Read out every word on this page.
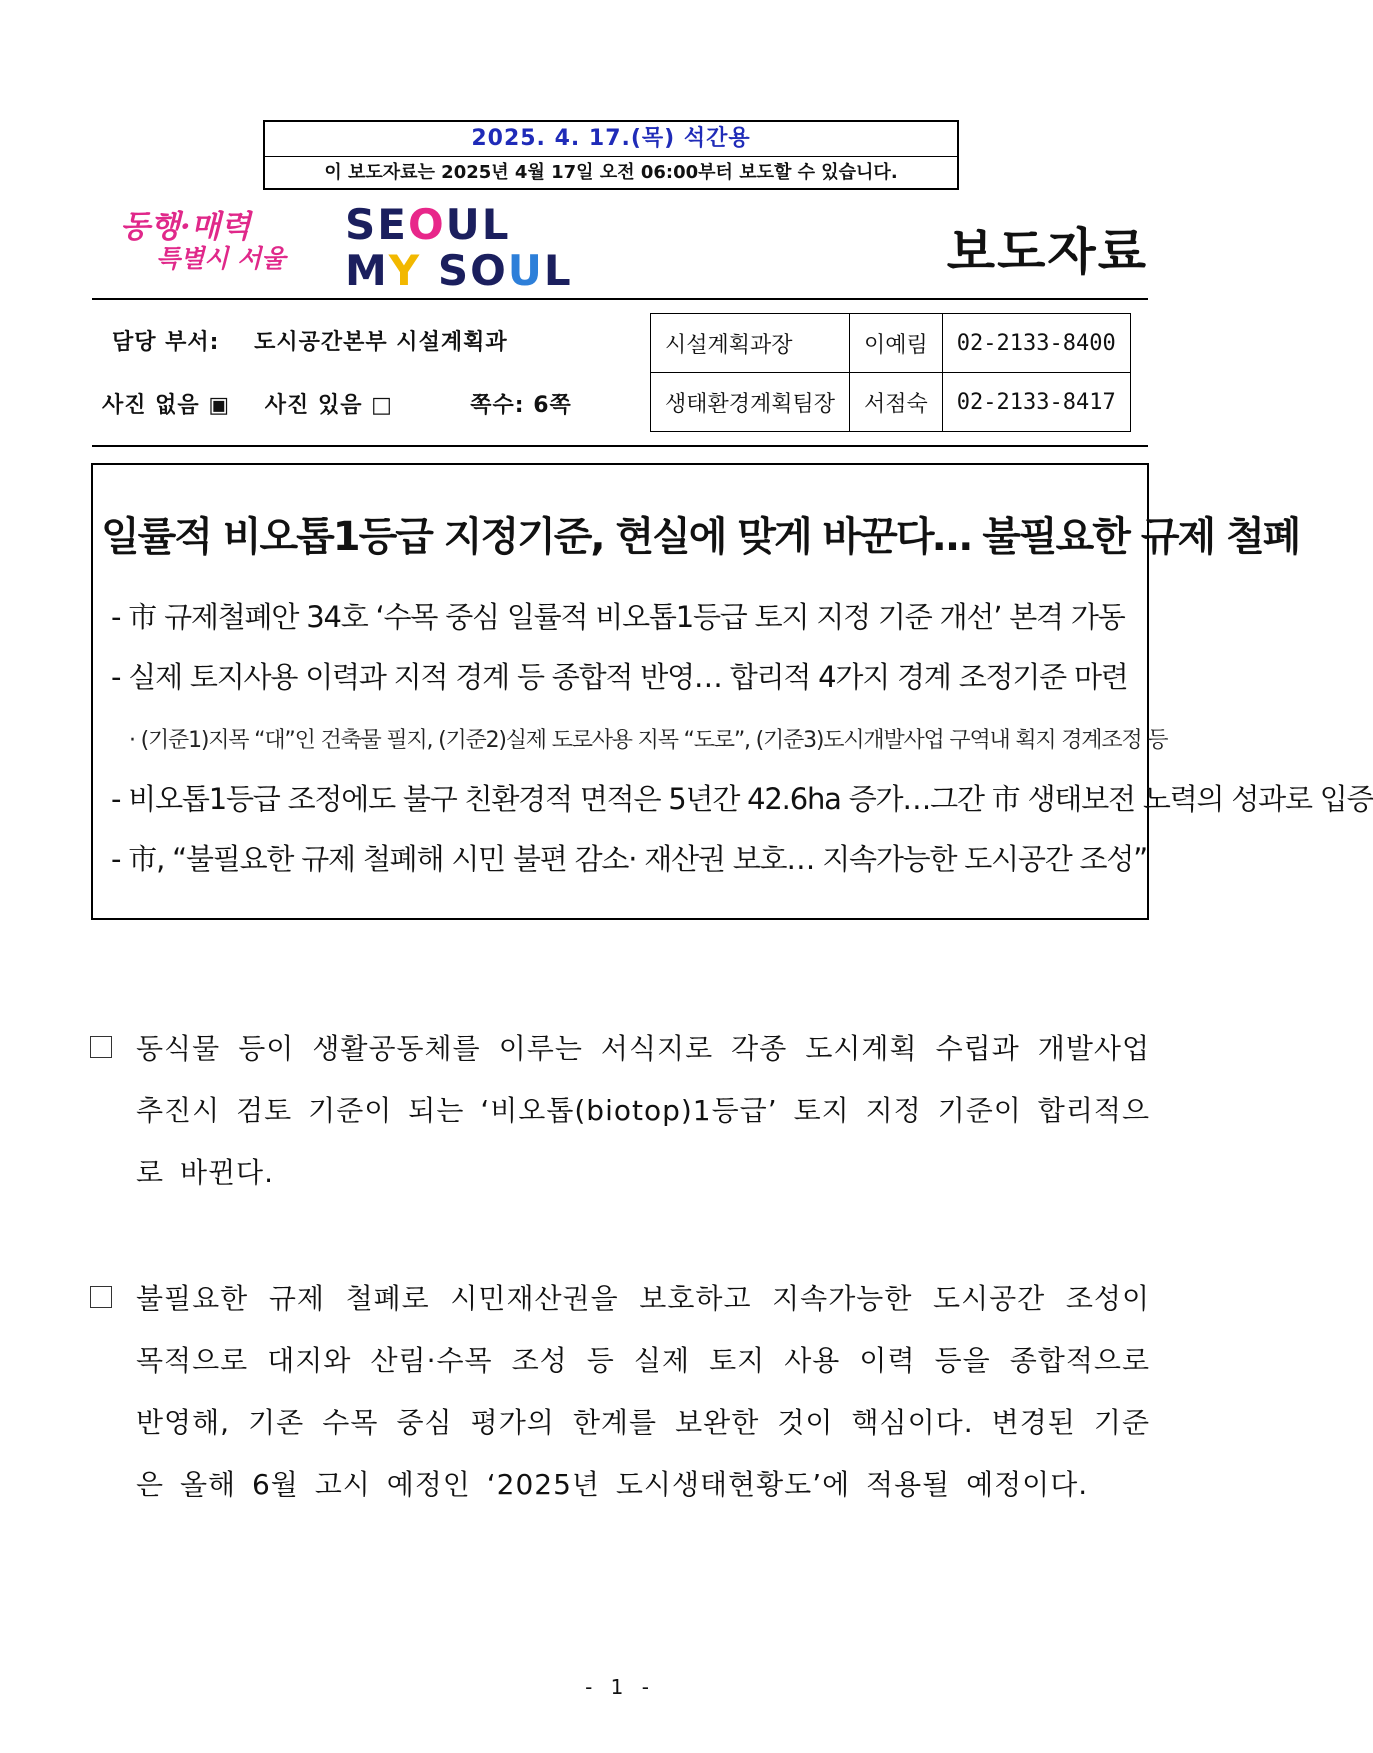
2025. 4. 17.(목) 석간용
이 보도자료는 2025년 4월 17일 오전 06:00부터 보도할 수 있습니다.
동행·매력
특별시 서울
SEOUL
MY SOUL	보도자료
담당 부서: 도시공간본부 시설계획과
사진 없음 ▣ 사진 있음 □	쪽수: 6쪽
시설계획과장	이예림	02-2133-8400
생태환경계획팀장	서점숙	02-2133-8417
일률적 비오톱1등급 지정기준, 현실에 맞게 바꾼다… 불필요한 규제 철폐
- 市 규제철폐안 34호 ‘수목 중심 일률적 비오톱1등급 토지 지정 기준 개선’ 본격 가동
- 실제 토지사용 이력과 지적 경계 등 종합적 반영… 합리적 4가지 경계 조정기준 마련
· (기준1)지목 “대”인 건축물 필지, (기준2)실제 도로사용 지목 “도로”, (기준3)도시개발사업 구역내 획지 경계조정 등
- 비오톱1등급 조정에도 불구 친환경적 면적은 5년간 42.6ha 증가…그간 市 생태보전 노력의 성과로 입증
- 市, “불필요한 규제 철폐해 시민 불편 감소· 재산권 보호… 지속가능한 도시공간 조성”
동식물 등이 생활공동체를 이루는 서식지로 각종 도시계획 수립과 개발사업 추진시 검토 기준이 되는 ‘비오톱(biotop)1등급’ 토지 지정 기준이 합리적으로 바뀐다.
불필요한 규제 철폐로 시민재산권을 보호하고 지속가능한 도시공간 조성이 목적으로 대지와 산림·수목 조성 등 실제 토지 사용 이력 등을 종합적으로 반영해, 기존 수목 중심 평가의 한계를 보완한 것이 핵심이다. 변경된 기준은 올해 6월 고시 예정인 ‘2025년 도시생태현황도’에 적용될 예정이다.
- 1 -
